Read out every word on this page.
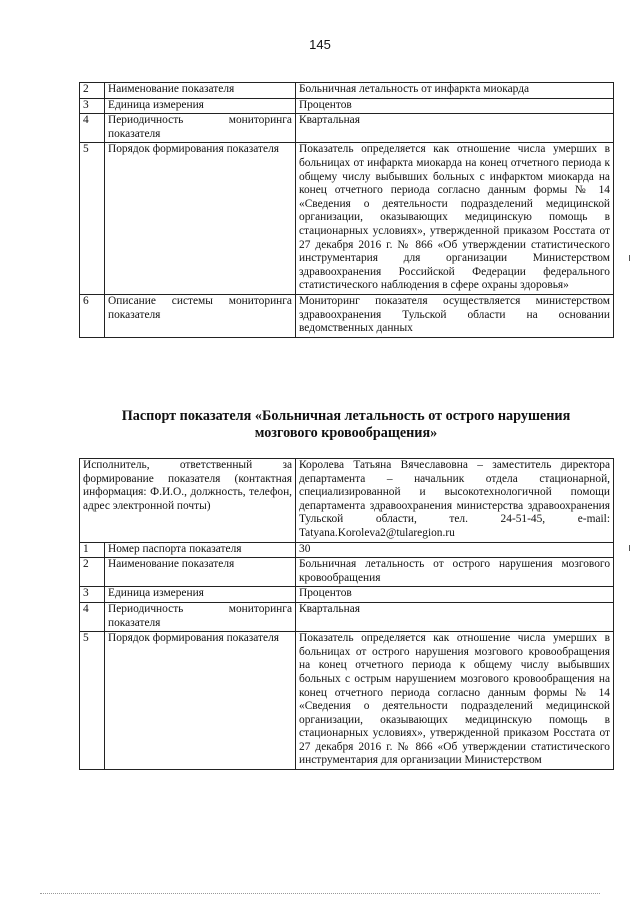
145
2	Наименование показателя	Больничная летальность от инфаркта миокарда
3	Единица измерения	Процентов
4	Периодичность мониторинга показателя	Квартальная
5	Порядок формирования показателя	Показатель определяется как отношение числа умерших в больницах от инфаркта миокарда на конец отчетного периода к общему числу выбывших больных с инфарктом миокарда на конец отчетного периода согласно данным формы № 14 «Сведения о деятельности подразделений медицинской организации, оказывающих медицинскую помощь в стационарных условиях», утвержденной приказом Росстата от 27 декабря 2016 г. № 866 «Об утверждении статистического инструментария для организации Министерством здравоохранения Российской Федерации федерального статистического наблюдения в сфере охраны здоровья»
6	Описание системы мониторинга показателя	Мониторинг показателя осуществляется министерством здравоохранения Тульской области на основании ведомственных данных
Паспорт показателя «Больничная летальность от острого нарушения
мозгового кровообращения»
Исполнитель, ответственный за формирование показателя (контактная информация: Ф.И.О., должность, телефон, адрес электронной почты)		Королева Татьяна Вячеславовна – заместитель директора департамента – начальник отдела стационарной, специализированной и высокотехнологичной помощи департамента здравоохранения министерства здравоохранения Тульской области, тел. 24-51-45, e-mail: Tatyana.Koroleva2@tularegion.ru
1	Номер паспорта показателя	30
2	Наименование показателя	Больничная летальность от острого нарушения мозгового кровообращения
3	Единица измерения	Процентов
4	Периодичность мониторинга показателя	Квартальная
5	Порядок формирования показателя	Показатель определяется как отношение числа умерших в больницах от острого нарушения мозгового кровообращения на конец отчетного периода к общему числу выбывших больных с острым нарушением мозгового кровообращения на конец отчетного периода согласно данным формы № 14 «Сведения о деятельности подразделений медицинской организации, оказывающих медицинскую помощь в стационарных условиях», утвержденной приказом Росстата от 27 декабря 2016 г. № 866 «Об утверждении статистического инструментария для организации Министерством
